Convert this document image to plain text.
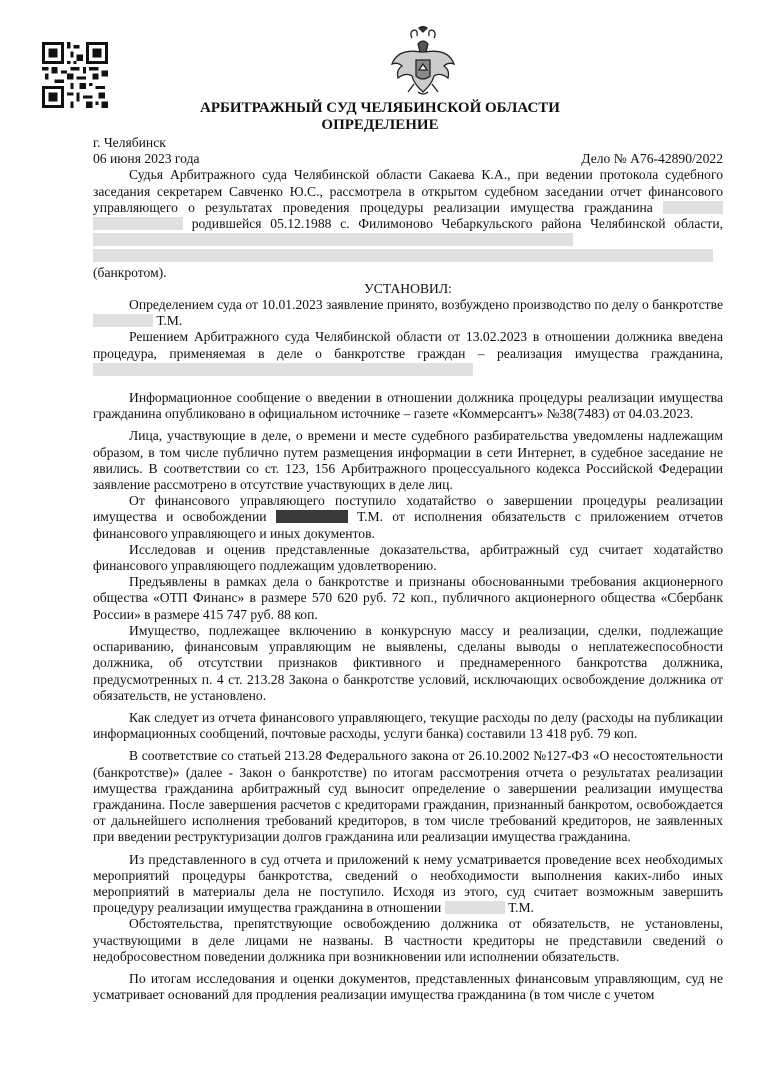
АРБИТРАЖНЫЙ СУД ЧЕЛЯБИНСКОЙ ОБЛАСТИ
ОПРЕДЕЛЕНИЕ
г. Челябинск
06 июня 2023 года	Дело № А76-42890/2022

Судья Арбитражного суда Челябинской области Сакаева К.А., при ведении протокола судебного заседания секретарем Савченко Ю.С., рассмотрела в открытом судебном заседании отчет финансового управляющего о результатах проведения процедуры реализации имущества гражданина   родившейся 05.12.1988 с. Филимоново Чебаркульского района Челябинской области,

(банкротом).
УСТАНОВИЛ:

Определением суда от 10.01.2023 заявление принято, возбуждено производство по делу о банкротстве  Т.М.

Решением Арбитражного суда Челябинской области от 13.02.2023 в отношении должника введена процедура, применяемая в деле о банкротстве граждан – реализация имущества гражданина,

Информационное сообщение о введении в отношении должника процедуры реализации имущества гражданина опубликовано в официальном источнике – газете «Коммерсантъ» №38(7483) от 04.03.2023.

Лица, участвующие в деле, о времени и месте судебного разбирательства уведомлены надлежащим образом, в том числе публично путем размещения информации в сети Интернет, в судебное заседание не явились. В соответствии со ст. 123, 156 Арбитражного процессуального кодекса Российской Федерации заявление рассмотрено в отсутствие участвующих в деле лиц.

От финансового управляющего поступило ходатайство о завершении процедуры реализации имущества и освобождении	Т.М. от исполнения обязательств с приложением отчетов финансового управляющего и иных документов.

Исследовав и оценив представленные доказательства, арбитражный суд считает ходатайство финансового управляющего подлежащим удовлетворению.

Предъявлены в рамках дела о банкротстве и признаны обоснованными требования акционерного общества «ОТП Финанс» в размере 570 620 руб. 72 коп., публичного акционерного общества «Сбербанк России» в размере 415 747 руб. 88 коп.

Имущество, подлежащее включению в конкурсную массу и реализации, сделки, подлежащие оспариванию, финансовым управляющим не выявлены, сделаны выводы о неплатежеспособности должника, об отсутствии признаков фиктивного и преднамеренного банкротства должника, предусмотренных п. 4 ст. 213.28 Закона о банкротстве условий, исключающих освобождение должника от обязательств, не установлено.

Как следует из отчета финансового управляющего, текущие расходы по делу (расходы на публикации информационных сообщений, почтовые расходы, услуги банка) составили 13 418 руб. 79 коп.

В соответствие со статьей 213.28 Федерального закона от 26.10.2002 №127-ФЗ «О несостоятельности (банкротстве)» (далее - Закон о банкротстве) по итогам рассмотрения отчета о результатах реализации имущества гражданина арбитражный суд выносит определение о завершении реализации имущества гражданина. После завершения расчетов с кредиторами гражданин, признанный банкротом, освобождается от дальнейшего исполнения требований кредиторов, в том числе требований кредиторов, не заявленных при введении реструктуризации долгов гражданина или реализации имущества гражданина.

Из представленного в суд отчета и приложений к нему усматривается проведение всех необходимых мероприятий процедуры банкротства, сведений о необходимости выполнения каких-либо иных мероприятий в материалы дела не поступило. Исходя из этого, суд считает возможным завершить процедуру реализации имущества гражданина в отношении	Т.М.

Обстоятельства, препятствующие освобождению должника от обязательств, не установлены, участвующими в деле лицами не названы. В частности кредиторы не представили сведений о недобросовестном поведении должника при возникновении или исполнении обязательств.

По итогам исследования и оценки документов, представленных финансовым управляющим, суд не усматривает оснований для продления реализации имущества гражданина (в том числе с учетом
